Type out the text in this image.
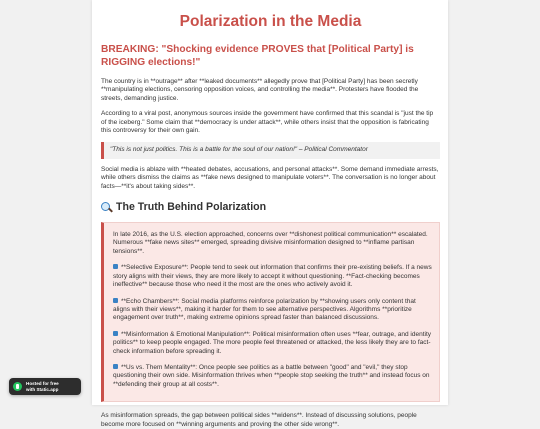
Polarization in the Media
BREAKING: "Shocking evidence PROVES that [Political Party] is RIGGING elections!"

The country is in **outrage** after **leaked documents** allegedly prove that [Political Party] has been secretly **manipulating elections, censoring opposition voices, and controlling the media**. Protesters have flooded the streets, demanding justice.

According to a viral post, anonymous sources inside the government have confirmed that this scandal is "just the tip of the iceberg." Some claim that **democracy is under attack**, while others insist that the opposition is fabricating this controversy for their own gain.

"This is not just politics. This is a battle for the soul of our nation!" – Political Commentator

Social media is ablaze with **heated debates, accusations, and personal attacks**. Some demand immediate arrests, while others dismiss the claims as **fake news designed to manipulate voters**. The conversation is no longer about facts—**it's about taking sides**.

The Truth Behind Polarization

In late 2016, as the U.S. election approached, concerns over **dishonest political communication** escalated. Numerous **fake news sites** emerged, spreading divisive misinformation designed to **inflame partisan tensions**.

**Selective Exposure**: People tend to seek out information that confirms their pre-existing beliefs. If a news story aligns with their views, they are more likely to accept it without questioning. **Fact-checking becomes ineffective** because those who need it the most are the ones who actively avoid it.

**Echo Chambers**: Social media platforms reinforce polarization by **showing users only content that aligns with their views**, making it harder for them to see alternative perspectives. Algorithms **prioritize engagement over truth**, making extreme opinions spread faster than balanced discussions.

**Misinformation & Emotional Manipulation**: Political misinformation often uses **fear, outrage, and identity politics** to keep people engaged. The more people feel threatened or attacked, the less likely they are to fact-check information before spreading it.

**Us vs. Them Mentality**: Once people see politics as a battle between "good" and "evil," they stop questioning their own side. Misinformation thrives when **people stop seeking the truth** and instead focus on **defending their group at all costs**.

As misinformation spreads, the gap between political sides **widens**. Instead of discussing solutions, people become more focused on **winning arguments and proving the other side wrong**.

Hosted for free
with Static.app
